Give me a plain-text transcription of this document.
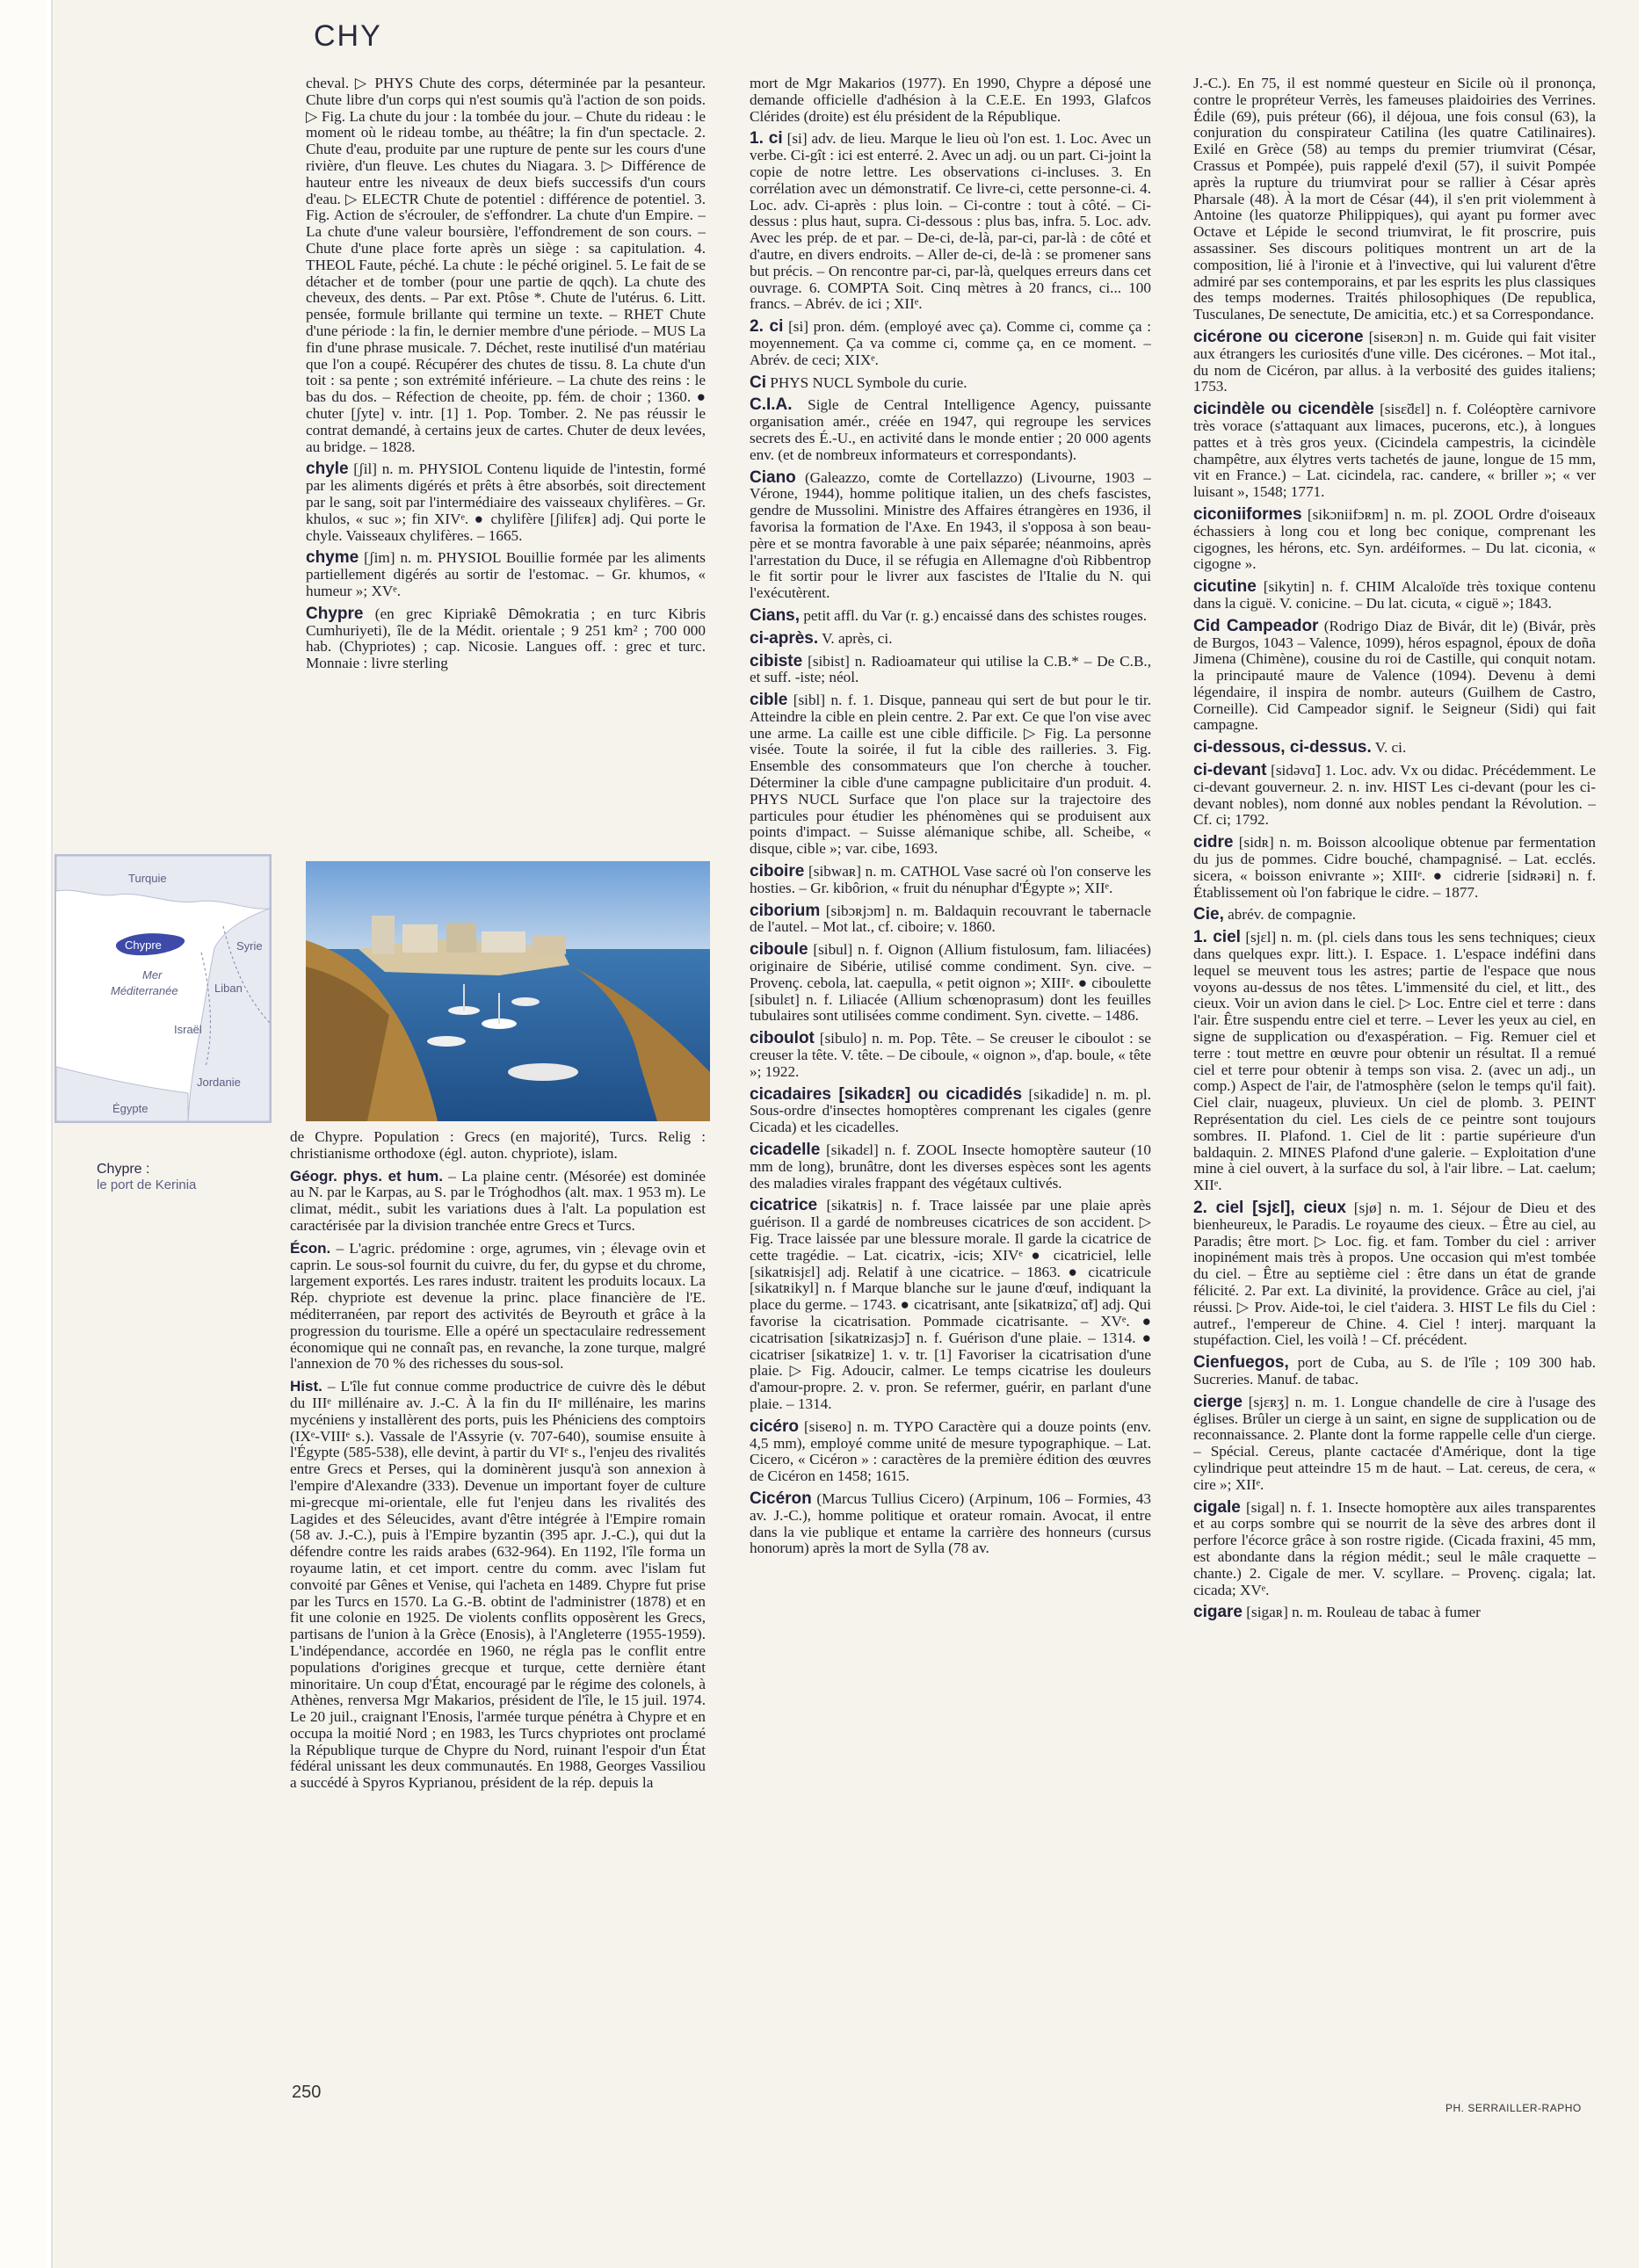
CHY

cheval. ▷ PHYS Chute des corps, déterminée par la pesanteur. Chute libre d'un corps qui n'est soumis qu'à l'action de son poids. ▷ Fig. La chute du jour : la tombée du jour. – Chute du rideau : le moment où le rideau tombe, au théâtre; la fin d'un spectacle. 2. Chute d'eau, produite par une rupture de pente sur les cours d'une rivière, d'un fleuve. Les chutes du Niagara. 3. ▷ Différence de hauteur entre les niveaux de deux biefs successifs d'un cours d'eau. ▷ ELECTR Chute de potentiel : différence de potentiel. 3. Fig. Action de s'écrouler, de s'effondrer. La chute d'un Empire. – La chute d'une valeur boursière, l'effondrement de son cours. – Chute d'une place forte après un siège : sa capitulation. 4. THEOL Faute, péché. La chute : le péché originel. 5. Le fait de se détacher et de tomber (pour une partie de qqch). La chute des cheveux, des dents. – Par ext. Ptôse *. Chute de l'utérus. 6. Litt. pensée, formule brillante qui termine un texte. – RHET Chute d'une période : la fin, le dernier membre d'une période. – MUS La fin d'une phrase musicale. 7. Déchet, reste inutilisé d'un matériau que l'on a coupé. Récupérer des chutes de tissu. 8. La chute d'un toit : sa pente ; son extrémité inférieure. – La chute des reins : le bas du dos. – Réfection de cheoite, pp. fém. de choir ; 1360. ● chuter [ʃyte] v. intr. [1] 1. Pop. Tomber. 2. Ne pas réussir le contrat demandé, à certains jeux de cartes. Chuter de deux levées, au bridge. – 1828.

chyle [ʃil] n. m. PHYSIOL Contenu liquide de l'intestin, formé par les aliments digérés et prêts à être absorbés, soit directement par le sang, soit par l'intermédiaire des vaisseaux chylifères. – Gr. khulos, « suc »; fin XIVᵉ. ● chylifère [ʃilifɛʀ] adj. Qui porte le chyle. Vaisseaux chylifères. – 1665.

chyme [ʃim] n. m. PHYSIOL Bouillie formée par les aliments partiellement digérés au sortir de l'estomac. – Gr. khumos, « humeur »; XVᵉ.

Chypre (en grec Kipriakê Dêmokratia ; en turc Kibris Cumhuriyeti), île de la Médit. orientale ; 9 251 km² ; 700 000 hab. (Chypriotes) ; cap. Nicosie. Langues off. : grec et turc. Monnaie : livre sterling

Turquie
Chypre	Syrie
Mer
Méditerranée	Liban
Israël
Jordanie
Égypte
Chypre :
le port de Kerinia

de Chypre. Population : Grecs (en majorité), Turcs. Relig : christianisme orthodoxe (égl. auton. chypriote), islam.

Géogr. phys. et hum. – La plaine centr. (Mésorée) est dominée au N. par le Karpas, au S. par le Tróghodhos (alt. max. 1 953 m). Le climat, médit., subit les variations dues à l'alt. La population est caractérisée par la division tranchée entre Grecs et Turcs.

Écon. – L'agric. prédomine : orge, agrumes, vin ; élevage ovin et caprin. Le sous-sol fournit du cuivre, du fer, du gypse et du chrome, largement exportés. Les rares industr. traitent les produits locaux. La Rép. chypriote est devenue la princ. place financière de l'E. méditerranéen, par report des activités de Beyrouth et grâce à la progression du tourisme. Elle a opéré un spectaculaire redressement économique qui ne connaît pas, en revanche, la zone turque, malgré l'annexion de 70 % des richesses du sous-sol.

Hist. – L'île fut connue comme productrice de cuivre dès le début du IIIᵉ millénaire av. J.-C. À la fin du IIᵉ millénaire, les marins mycéniens y installèrent des ports, puis les Phéniciens des comptoirs (IXᵉ-VIIIᵉ s.). Vassale de l'Assyrie (v. 707-640), soumise ensuite à l'Égypte (585-538), elle devint, à partir du VIᵉ s., l'enjeu des rivalités entre Grecs et Perses, qui la dominèrent jusqu'à son annexion à l'empire d'Alexandre (333). Devenue un important foyer de culture mi-grecque mi-orientale, elle fut l'enjeu dans les rivalités des Lagides et des Séleucides, avant d'être intégrée à l'Empire romain (58 av. J.-C.), puis à l'Empire byzantin (395 apr. J.-C.), qui dut la défendre contre les raids arabes (632-964). En 1192, l'île forma un royaume latin, et cet import. centre du comm. avec l'islam fut convoité par Gênes et Venise, qui l'acheta en 1489. Chypre fut prise par les Turcs en 1570. La G.-B. obtint de l'administrer (1878) et en fit une colonie en 1925. De violents conflits opposèrent les Grecs, partisans de l'union à la Grèce (Enosis), à l'Angleterre (1955-1959). L'indépendance, accordée en 1960, ne régla pas le conflit entre populations d'origines grecque et turque, cette dernière étant minoritaire. Un coup d'État, encouragé par le régime des colonels, à Athènes, renversa Mgr Makarios, président de l'île, le 15 juil. 1974. Le 20 juil., craignant l'Enosis, l'armée turque pénétra à Chypre et en occupa la moitié Nord ; en 1983, les Turcs chypriotes ont proclamé la République turque de Chypre du Nord, ruinant l'espoir d'un État fédéral unissant les deux communautés. En 1988, Georges Vassiliou a succédé à Spyros Kyprianou, président de la rép. depuis la

mort de Mgr Makarios (1977). En 1990, Chypre a déposé une demande officielle d'adhésion à la C.E.E. En 1993, Glafcos Clérides (droite) est élu président de la République.

1. ci [si] adv. de lieu. Marque le lieu où l'on est. 1. Loc. Avec un verbe. Ci-gît : ici est enterré. 2. Avec un adj. ou un part. Ci-joint la copie de notre lettre. Les observations ci-incluses. 3. En corrélation avec un démonstratif. Ce livre-ci, cette personne-ci. 4. Loc. adv. Ci-après : plus loin. – Ci-contre : tout à côté. – Ci-dessus : plus haut, supra. Ci-dessous : plus bas, infra. 5. Loc. adv. Avec les prép. de et par. – De-ci, de-là, par-ci, par-là : de côté et d'autre, en divers endroits. – Aller de-ci, de-là : se promener sans but précis. – On rencontre par-ci, par-là, quelques erreurs dans cet ouvrage. 6. COMPTA Soit. Cinq mètres à 20 francs, ci... 100 francs. – Abrév. de ici ; XIIᵉ.

2. ci [si] pron. dém. (employé avec ça). Comme ci, comme ça : moyennement. Ça va comme ci, comme ça, en ce moment. – Abrév. de ceci; XIXᵉ.

Ci PHYS NUCL Symbole du curie.

C.I.A. Sigle de Central Intelligence Agency, puissante organisation amér., créée en 1947, qui regroupe les services secrets des É.-U., en activité dans le monde entier ; 20 000 agents env. (et de nombreux informateurs et correspondants).

Ciano (Galeazzo, comte de Cortellazzo) (Livourne, 1903 – Vérone, 1944), homme politique italien, un des chefs fascistes, gendre de Mussolini. Ministre des Affaires étrangères en 1936, il favorisa la formation de l'Axe. En 1943, il s'opposa à son beau-père et se montra favorable à une paix séparée; néanmoins, après l'arrestation du Duce, il se réfugia en Allemagne d'où Ribbentrop le fit sortir pour le livrer aux fascistes de l'Italie du N. qui l'exécutèrent.

Cians, petit affl. du Var (r. g.) encaissé dans des schistes rouges.

ci-après. V. après, ci.

cibiste [sibist] n. Radioamateur qui utilise la C.B.* – De C.B., et suff. -iste; néol.

cible [sibl] n. f. 1. Disque, panneau qui sert de but pour le tir. Atteindre la cible en plein centre. 2. Par ext. Ce que l'on vise avec une arme. La caille est une cible difficile. ▷ Fig. La personne visée. Toute la soirée, il fut la cible des railleries. 3. Fig. Ensemble des consommateurs que l'on cherche à toucher. Déterminer la cible d'une campagne publicitaire d'un produit. 4. PHYS NUCL Surface que l'on place sur la trajectoire des particules pour étudier les phénomènes qui se produisent aux points d'impact. – Suisse alémanique schibe, all. Scheibe, « disque, cible »; var. cibe, 1693.

ciboire [sibwaʀ] n. m. CATHOL Vase sacré où l'on conserve les hosties. – Gr. kibôrion, « fruit du nénuphar d'Égypte »; XIIᵉ.

ciborium [sibɔʀjɔm] n. m. Baldaquin recouvrant le tabernacle de l'autel. – Mot lat., cf. ciboire; v. 1860.

ciboule [sibul] n. f. Oignon (Allium fistulosum, fam. liliacées) originaire de Sibérie, utilisé comme condiment. Syn. cive. – Provenç. cebola, lat. caepulla, « petit oignon »; XIIIᵉ. ● ciboulette [sibulɛt] n. f. Liliacée (Allium schœnoprasum) dont les feuilles tubulaires sont utilisées comme condiment. Syn. civette. – 1486.

ciboulot [sibulo] n. m. Pop. Tête. – Se creuser le ciboulot : se creuser la tête. V. tête. – De ciboule, « oignon », d'ap. boule, « tête »; 1922.

cicadaires [sikadɛʀ] ou cicadidés [sikadide] n. m. pl. Sous-ordre d'insectes homoptères comprenant les cigales (genre Cicada) et les cicadelles.

cicadelle [sikadɛl] n. f. ZOOL Insecte homoptère sauteur (10 mm de long), brunâtre, dont les diverses espèces sont les agents des maladies virales frappant des végétaux cultivés.

cicatrice [sikatʀis] n. f. Trace laissée par une plaie après guérison. Il a gardé de nombreuses cicatrices de son accident. ▷ Fig. Trace laissée par une blessure morale. Il garde la cicatrice de cette tragédie. – Lat. cicatrix, -icis; XIVᵉ ● cicatriciel, lelle [sikatʀisjɛl] adj. Relatif à une cicatrice. – 1863. ● cicatricule [sikatʀikyl] n. f Marque blanche sur le jaune d'œuf, indiquant la place du germe. – 1743. ● cicatrisant, ante [sikatʀizɑ̃, ɑ̃t] adj. Qui favorise la cicatrisation. Pommade cicatrisante. – XVᵉ. ● cicatrisation [sikatʀizasjɔ̃] n. f. Guérison d'une plaie. – 1314. ● cicatriser [sikatʀize] 1. v. tr. [1] Favoriser la cicatrisation d'une plaie. ▷ Fig. Adoucir, calmer. Le temps cicatrise les douleurs d'amour-propre. 2. v. pron. Se refermer, guérir, en parlant d'une plaie. – 1314.

cicéro [siseʀo] n. m. TYPO Caractère qui a douze points (env. 4,5 mm), employé comme unité de mesure typographique. – Lat. Cicero, « Cicéron » : caractères de la première édition des œuvres de Cicéron en 1458; 1615.

Cicéron (Marcus Tullius Cicero) (Arpinum, 106 – Formies, 43 av. J.-C.), homme politique et orateur romain. Avocat, il entre dans la vie publique et entame la carrière des honneurs (cursus honorum) après la mort de Sylla (78 av.

J.-C.). En 75, il est nommé questeur en Sicile où il prononça, contre le propréteur Verrès, les fameuses plaidoiries des Verrines. Édile (69), puis préteur (66), il déjoua, une fois consul (63), la conjuration du conspirateur Catilina (les quatre Catilinaires). Exilé en Grèce (58) au temps du premier triumvirat (César, Crassus et Pompée), puis rappelé d'exil (57), il suivit Pompée après la rupture du triumvirat pour se rallier à César après Pharsale (48). À la mort de César (44), il s'en prit violemment à Antoine (les quatorze Philippiques), qui ayant pu former avec Octave et Lépide le second triumvirat, le fit proscrire, puis assassiner. Ses discours politiques montrent un art de la composition, lié à l'ironie et à l'invective, qui lui valurent d'être admiré par ses contemporains, et par les esprits les plus classiques des temps modernes. Traités philosophiques (De republica, Tusculanes, De senectute, De amicitia, etc.) et sa Correspondance.

cicérone ou cicerone [siseʀɔn] n. m. Guide qui fait visiter aux étrangers les curiosités d'une ville. Des cicérones. – Mot ital., du nom de Cicéron, par allus. à la verbosité des guides italiens; 1753.

cicindèle ou cicendèle [sisɛ̃dɛl] n. f. Coléoptère carnivore très vorace (s'attaquant aux limaces, pucerons, etc.), à longues pattes et à très gros yeux. (Cicindela campestris, la cicindèle champêtre, aux élytres verts tachetés de jaune, longue de 15 mm, vit en France.) – Lat. cicindela, rac. candere, « briller »; « ver luisant », 1548; 1771.

ciconiiformes [sikɔniifɔʀm] n. m. pl. ZOOL Ordre d'oiseaux échassiers à long cou et long bec conique, comprenant les cigognes, les hérons, etc. Syn. ardéiformes. – Du lat. ciconia, « cigogne ».

cicutine [sikytin] n. f. CHIM Alcaloïde très toxique contenu dans la ciguë. V. conicine. – Du lat. cicuta, « ciguë »; 1843.

Cid Campeador (Rodrigo Diaz de Bivár, dit le) (Bivár, près de Burgos, 1043 – Valence, 1099), héros espagnol, époux de doña Jimena (Chimène), cousine du roi de Castille, qui conquit notam. la principauté maure de Valence (1094). Devenu à demi légendaire, il inspira de nombr. auteurs (Guilhem de Castro, Corneille). Cid Campeador signif. le Seigneur (Sidi) qui fait campagne.

ci-dessous, ci-dessus. V. ci.

ci-devant [sidəvɑ̃] 1. Loc. adv. Vx ou didac. Précédemment. Le ci-devant gouverneur. 2. n. inv. HIST Les ci-devant (pour les ci-devant nobles), nom donné aux nobles pendant la Révolution. – Cf. ci; 1792.

cidre [sidʀ] n. m. Boisson alcoolique obtenue par fermentation du jus de pommes. Cidre bouché, champagnisé. – Lat. ecclés. sicera, « boisson enivrante »; XIIIᵉ. ● cidrerie [sidʀəʀi] n. f. Établissement où l'on fabrique le cidre. – 1877.

Cie, abrév. de compagnie.

1. ciel [sjɛl] n. m. (pl. ciels dans tous les sens techniques; cieux dans quelques expr. litt.). I. Espace. 1. L'espace indéfini dans lequel se meuvent tous les astres; partie de l'espace que nous voyons au-dessus de nos têtes. L'immensité du ciel, et litt., des cieux. Voir un avion dans le ciel. ▷ Loc. Entre ciel et terre : dans l'air. Être suspendu entre ciel et terre. – Lever les yeux au ciel, en signe de supplication ou d'exaspération. – Fig. Remuer ciel et terre : tout mettre en œuvre pour obtenir un résultat. Il a remué ciel et terre pour obtenir à temps son visa. 2. (avec un adj., un comp.) Aspect de l'air, de l'atmosphère (selon le temps qu'il fait). Ciel clair, nuageux, pluvieux. Un ciel de plomb. 3. PEINT Représentation du ciel. Les ciels de ce peintre sont toujours sombres. II. Plafond. 1. Ciel de lit : partie supérieure d'un baldaquin. 2. MINES Plafond d'une galerie. – Exploitation d'une mine à ciel ouvert, à la surface du sol, à l'air libre. – Lat. caelum; XIIᵉ.

2. ciel [sjɛl], cieux [sjø] n. m. 1. Séjour de Dieu et des bienheureux, le Paradis. Le royaume des cieux. – Être au ciel, au Paradis; être mort. ▷ Loc. fig. et fam. Tomber du ciel : arriver inopinément mais très à propos. Une occasion qui m'est tombée du ciel. – Être au septième ciel : être dans un état de grande félicité. 2. Par ext. La divinité, la providence. Grâce au ciel, j'ai réussi. ▷ Prov. Aide-toi, le ciel t'aidera. 3. HIST Le fils du Ciel : autref., l'empereur de Chine. 4. Ciel ! interj. marquant la stupéfaction. Ciel, les voilà ! – Cf. précédent.

Cienfuegos, port de Cuba, au S. de l'île ; 109 300 hab. Sucreries. Manuf. de tabac.

cierge [sjɛʀʒ] n. m. 1. Longue chandelle de cire à l'usage des églises. Brûler un cierge à un saint, en signe de supplication ou de reconnaissance. 2. Plante dont la forme rappelle celle d'un cierge. – Spécial. Cereus, plante cactacée d'Amérique, dont la tige cylindrique peut atteindre 15 m de haut. – Lat. cereus, de cera, « cire »; XIIᵉ.

cigale [sigal] n. f. 1. Insecte homoptère aux ailes transparentes et au corps sombre qui se nourrit de la sève des arbres dont il perfore l'écorce grâce à son rostre rigide. (Cicada fraxini, 45 mm, est abondante dans la région médit.; seul le mâle craquette – chante.) 2. Cigale de mer. V. scyllare. – Provenç. cigala; lat. cicada; XVᵉ.

cigare [sigaʀ] n. m. Rouleau de tabac à fumer

250
PH. SERRAILLER-RAPHO
